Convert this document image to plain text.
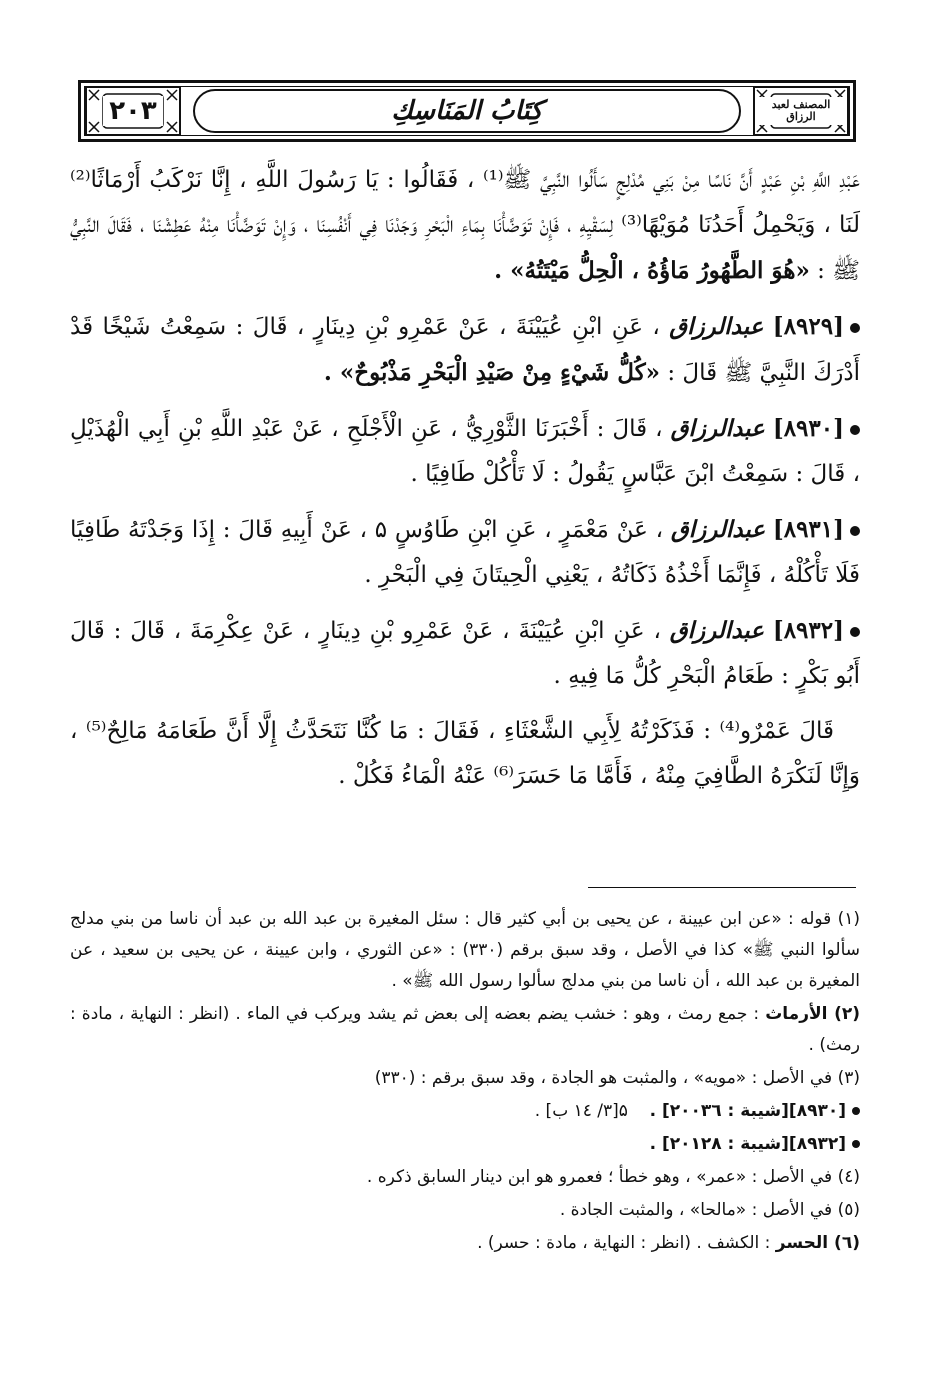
٢٠٣	كِتَابُ المَنَاسِكِ	المصنف لعبد الرزاق

عَبْدِ اللَّهِ بْنِ عَبْدٍ أَنَّ نَاسًا مِنْ بَنِي مُدْلِجٍ سَأَلُوا النَّبِيَّ ﷺ⁽¹⁾ ، فَقَالُوا : يَا رَسُولَ اللَّهِ ، إِنَّا نَرْكَبُ أَرْمَاثًا⁽²⁾ لَنَا ، وَيَحْمِلُ أَحَدُنَا مُوَيْهًا⁽³⁾ لِسَقْيِهِ ، فَإِنْ تَوَضَّأْنَا بِمَاءِ الْبَحْرِ وَجَدْنَا فِي أَنْفُسِنَا ، وَإِنْ تَوَضَّأْنَا مِنْهُ عَطِشْنَا ، فَقَالَ النَّبِيُّ ﷺ : «هُوَ الطَّهُورُ مَاؤُهُ ، الْحِلُّ مَيْتَتُهُ» .

[٨٩٢٩] عبدالرزاق ، عَنِ ابْنِ عُيَيْنَةَ ، عَنْ عَمْرِو بْنِ دِينَارٍ ، قَالَ : سَمِعْتُ شَيْخًا قَدْ أَدْرَكَ النَّبِيَّ ﷺ قَالَ : «كُلُّ شَيْءٍ مِنْ صَيْدِ الْبَحْرِ مَذْبُوحٌ» .

[٨٩٣٠] عبدالرزاق ، قَالَ : أَخْبَرَنَا الثَّوْرِيُّ ، عَنِ الْأَجْلَحِ ، عَنْ عَبْدِ اللَّهِ بْنِ أَبِي الْهُذَيْلِ ، قَالَ : سَمِعْتُ ابْنَ عَبَّاسٍ يَقُولُ : لَا تَأْكُلْ طَافِيًا .

[٨٩٣١] عبدالرزاق ، عَنْ مَعْمَرٍ ، عَنِ ابْنِ طَاوُسٍ ۵ ، عَنْ أَبِيهِ قَالَ : إِذَا وَجَدْتَهُ طَافِيًا فَلَا تَأْكُلْهُ ، فَإِنَّمَا أَخْذُهُ ذَكَاتُهُ ، يَعْنِي الْحِيتَانَ فِي الْبَحْرِ .

[٨٩٣٢] عبدالرزاق ، عَنِ ابْنِ عُيَيْنَةَ ، عَنْ عَمْرِو بْنِ دِينَارٍ ، عَنْ عِكْرِمَةَ ، قَالَ : قَالَ أَبُو بَكْرٍ : طَعَامُ الْبَحْرِ كُلُّ مَا فِيهِ .

قَالَ عَمْرٌو⁽⁴⁾ : فَذَكَرْتُهُ لِأَبِي الشَّعْثَاءِ ، فَقَالَ : مَا كُنَّا نَتَحَدَّثُ إِلَّا أَنَّ طَعَامَهُ مَالِحٌ⁽⁵⁾ ، وَإِنَّا لَنَكْرَهُ الطَّافِيَ مِنْهُ ، فَأَمَّا مَا حَسَرَ⁽⁶⁾ عَنْهُ الْمَاءُ فَكُلْ .

(١) قوله : «عن ابن عيينة ، عن يحيى بن أبي كثير قال : سئل المغيرة بن عبد الله بن عبد أن ناسا من بني مدلج سألوا النبي ﷺ» كذا في الأصل ، وقد سبق برقم (٣٣٠) : «عن الثوري ، وابن عيينة ، عن يحيى بن سعيد ، عن المغيرة بن عبد الله ، أن ناسا من بني مدلج سألوا رسول الله ﷺ» .

(٢) الأرماث : جمع رمث ، وهو : خشب يضم بعضه إلى بعض ثم يشد ويركب في الماء . (انظر : النهاية ، مادة : رمث) .

(٣) في الأصل : «مويه» ، والمثبت هو الجادة ، وقد سبق برقم : (٣٣٠)

[٨٩٣٠][شيبة : ٢٠٠٣٦] .    ۵[٣/ ١٤ ب] .

[٨٩٣٢][شيبة : ٢٠١٢٨] .

(٤) في الأصل : «عمر» ، وهو خطأ ؛ فعمرو هو ابن دينار السابق ذكره .

(٥) في الأصل : «مالحا» ، والمثبت الجادة .

(٦) الحسر : الكشف . (انظر : النهاية ، مادة : حسر) .
